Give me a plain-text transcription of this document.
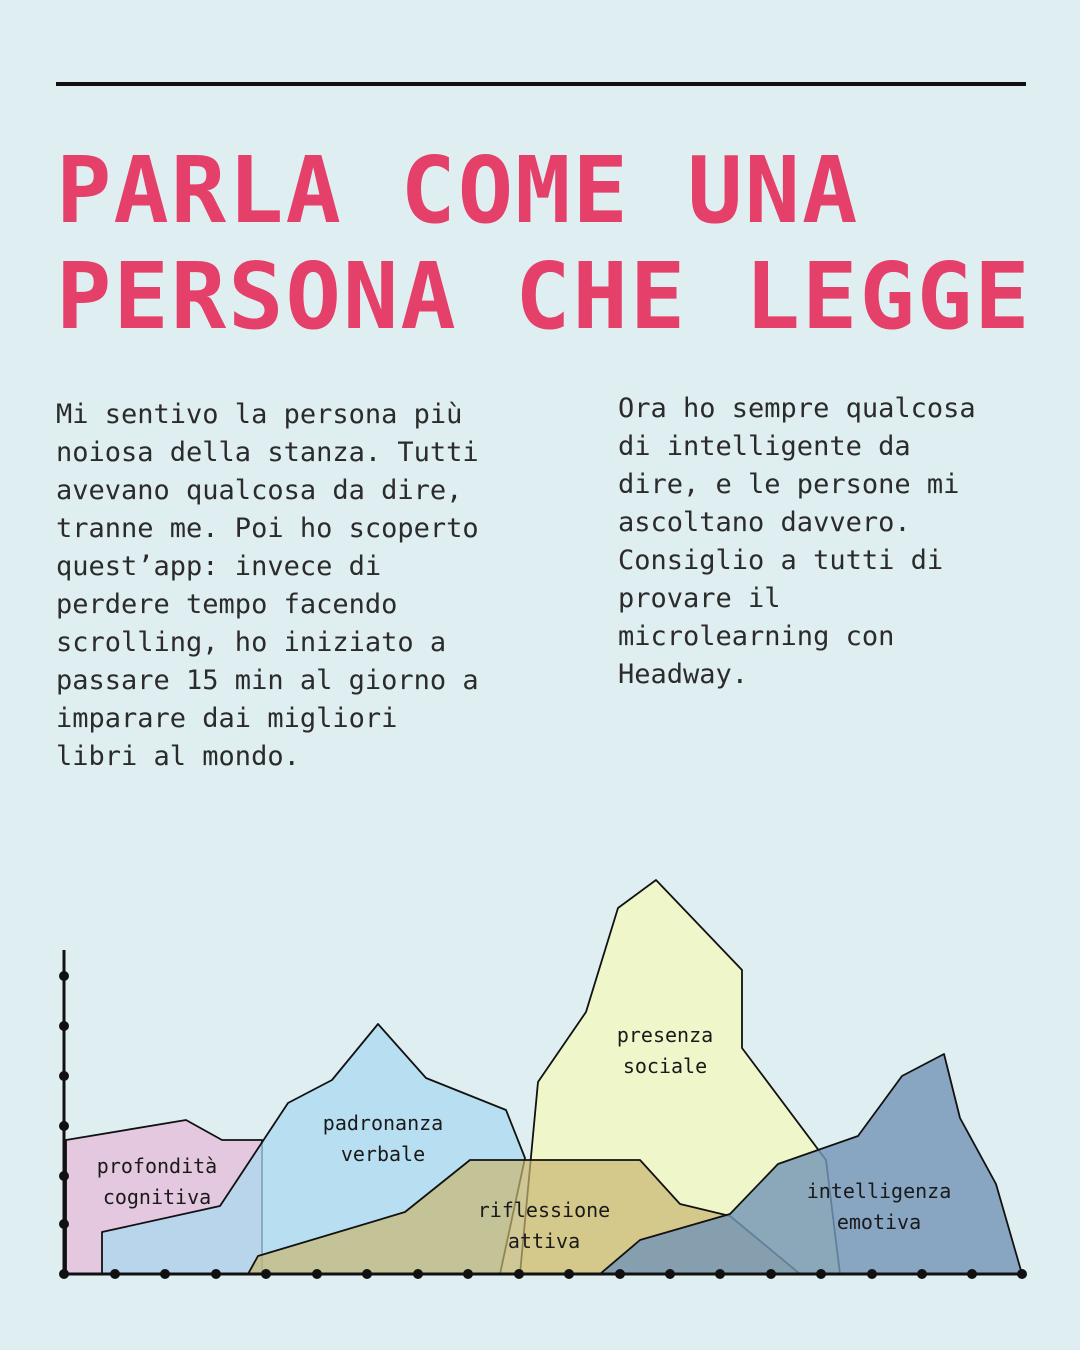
PARLA COME UNA
PERSONA CHE LEGGE

Mi sentivo la persona più
noiosa della stanza. Tutti
avevano qualcosa da dire,
tranne me. Poi ho scoperto
quest’app: invece di
perdere tempo facendo
scrolling, ho iniziato a
passare 15 min al giorno a
imparare dai migliori
libri al mondo.

Ora ho sempre qualcosa
di intelligente da
dire, e le persone mi
ascoltano davvero.
Consiglio a tutti di
provare il
microlearning con
Headway.

profondità
cognitiva
padronanza
verbale
presenza
sociale
riflessione
attiva
intelligenza
emotiva
